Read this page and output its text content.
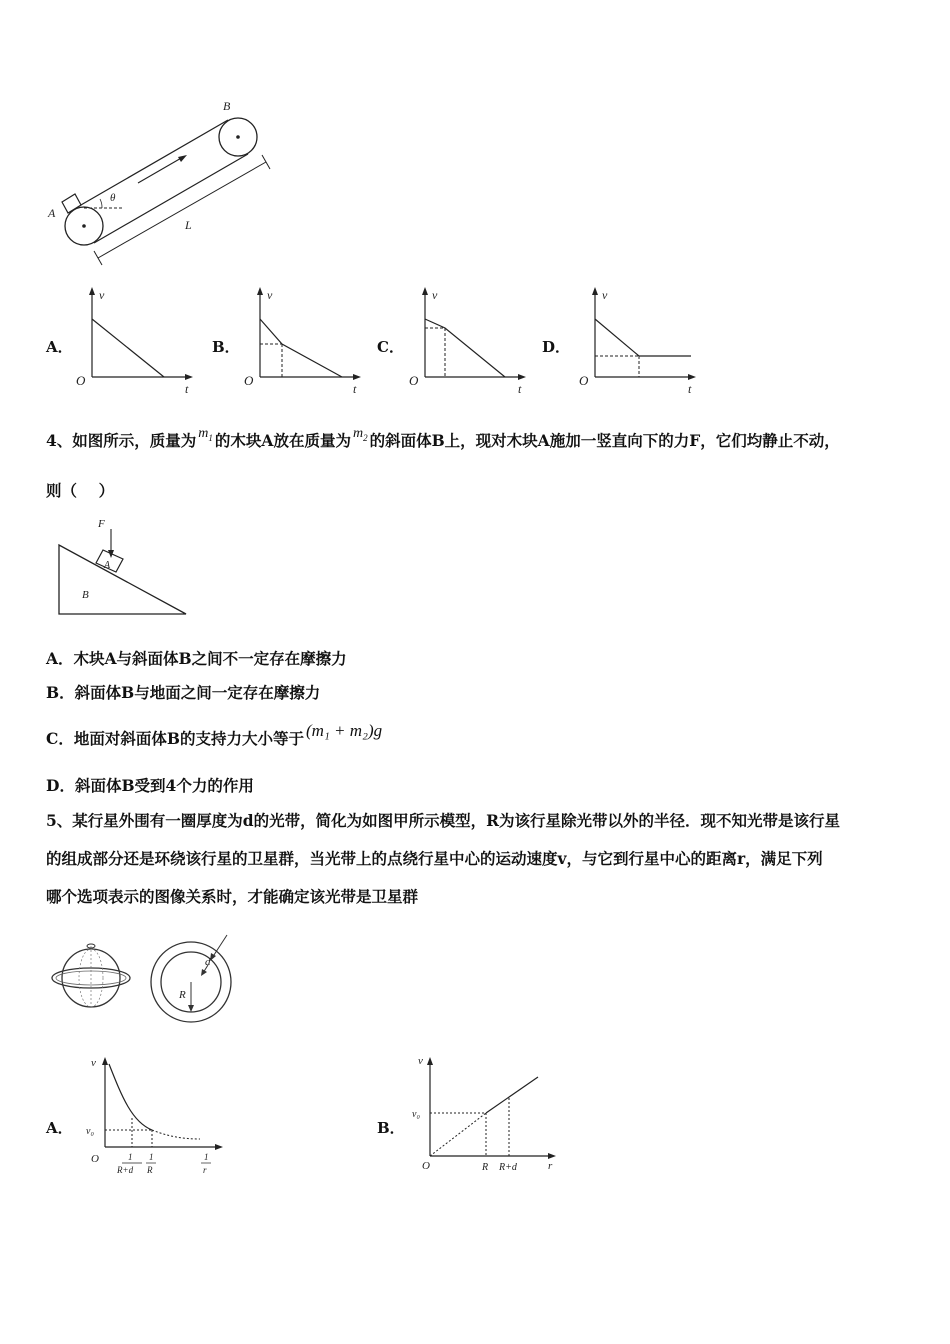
A
B
θ
L
A．	B．	C．	D．
v
t
O
v
t
O
v
t
O
v
t
O
4、如图所示，质量为 $m_1$ 的木块A放在质量为 $m_2$ 的斜面体B上，现对木块A施加一竖直向下的力F，它们均静止不动，
则（    ）
F
A
B
A．木块A与斜面体B之间不一定存在摩擦力
B．斜面体B与地面之间一定存在摩擦力
C．地面对斜面体B的支持力大小等于 (m₁ + m₂)g
D．斜面体B受到4个力的作用
5、某行星外围有一圈厚度为d的光带，简化为如图甲所示模型，R为该行星除光带以外的半径．现不知光带是该行星
的组成部分还是环绕该行星的卫星群，当光带上的点绕行星中心的运动速度v，与它到行星中心的距离r，满足下列
哪个选项表示的图像关系时，才能确定该光带是卫星群
d
R
A．	B．
v
v₀
O	1
R+d
1
R
1
r
v
v₀
O	R R+d	r
